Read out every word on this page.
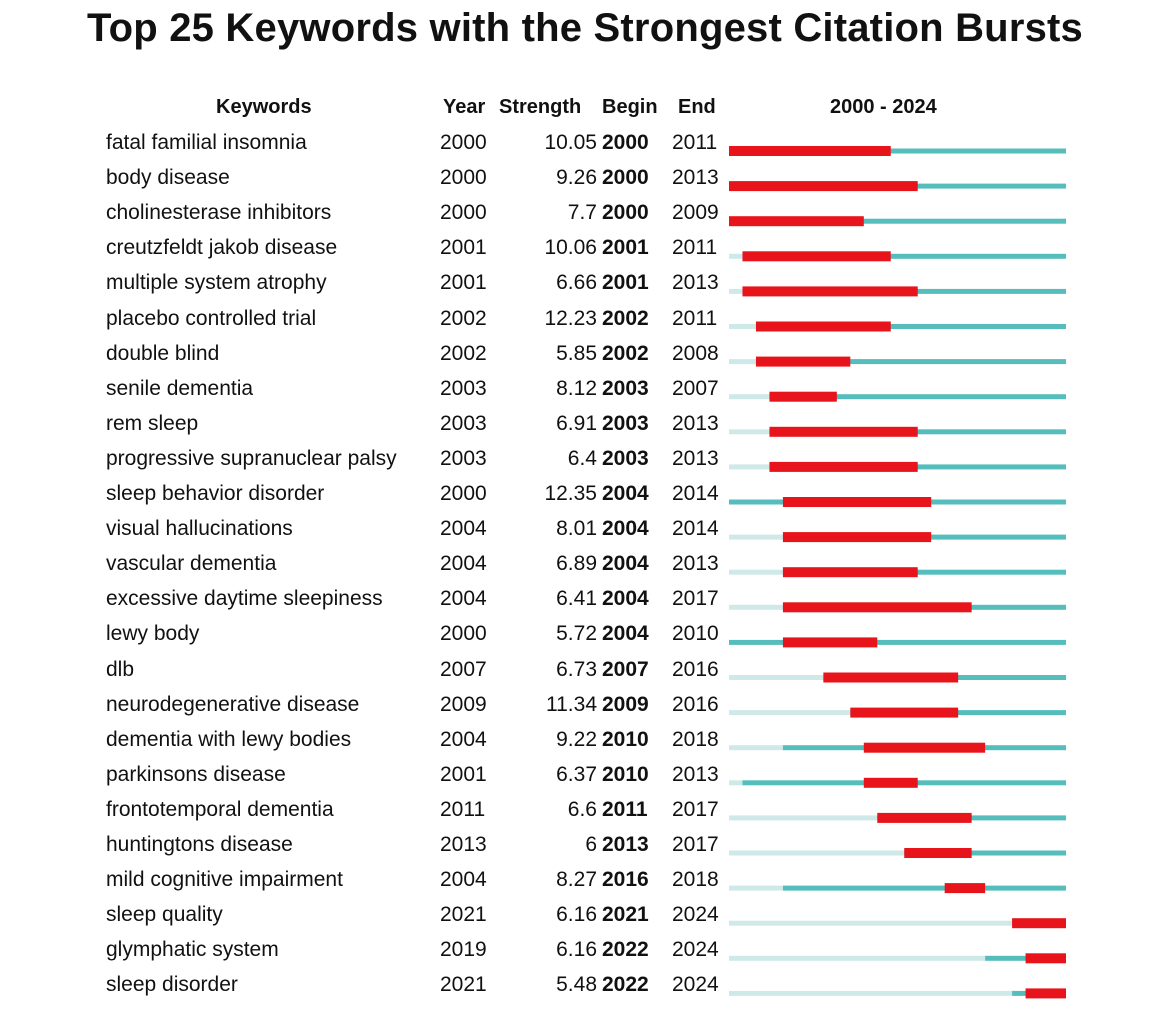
Top 25 Keywords with the Strongest Citation Bursts
Keywords	Year Strength Begin End	2000 - 2024
fatal familial insomnia	2000	10.05 2000 2011
body disease	2000	9.26 2000 2013
cholinesterase inhibitors	2000	7.7 2000 2009
creutzfeldt jakob disease	2001	10.06 2001 2011
multiple system atrophy	2001	6.66 2001 2013
placebo controlled trial	2002	12.23 2002 2011
double blind	2002	5.85 2002 2008
senile dementia	2003	8.12 2003 2007
rem sleep	2003	6.91 2003 2013
progressive supranuclear palsy 2003	6.4 2003 2013
sleep behavior disorder	2000	12.35 2004 2014
visual hallucinations	2004	8.01 2004 2014
vascular dementia	2004	6.89 2004 2013
excessive daytime sleepiness	2004	6.41 2004 2017
lewy body	2000	5.72 2004 2010
dlb	2007	6.73 2007 2016
neurodegenerative disease	2009	11.34 2009 2016
dementia with lewy bodies	2004	9.22 2010 2018
parkinsons disease	2001	6.37 2010 2013
frontotemporal dementia	2011	6.6 2011 2017
huntingtons disease	2013	6 2013 2017
mild cognitive impairment	2004	8.27 2016 2018
sleep quality	2021	6.16 2021 2024
glymphatic system	2019	6.16 2022 2024
sleep disorder	2021	5.48 2022 2024
